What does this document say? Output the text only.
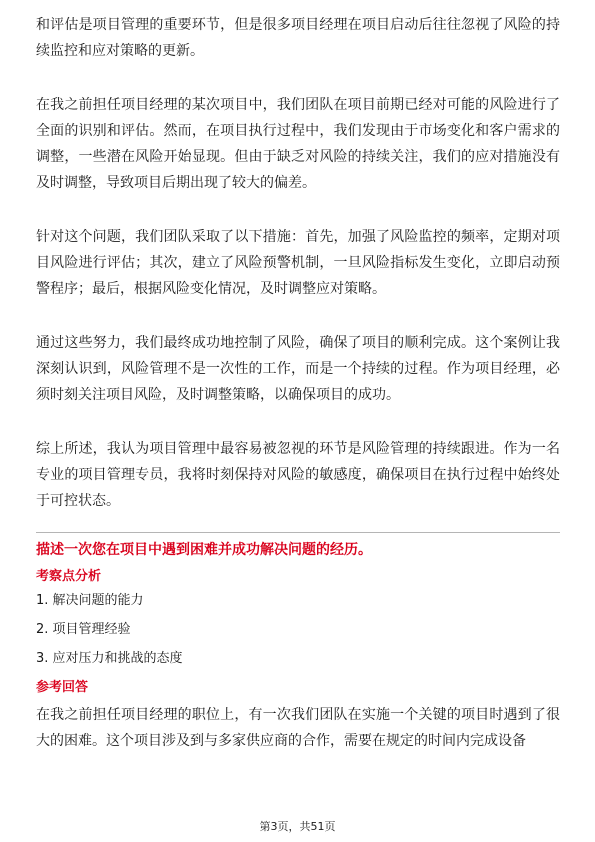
和评估是项目管理的重要环节，但是很多项目经理在项目启动后往往忽视了风险的持续监控和应对策略的更新。

在我之前担任项目经理的某次项目中，我们团队在项目前期已经对可能的风险进行了全面的识别和评估。然而，在项目执行过程中，我们发现由于市场变化和客户需求的调整，一些潜在风险开始显现。但由于缺乏对风险的持续关注，我们的应对措施没有及时调整，导致项目后期出现了较大的偏差。

针对这个问题，我们团队采取了以下措施：首先，加强了风险监控的频率，定期对项目风险进行评估；其次，建立了风险预警机制，一旦风险指标发生变化，立即启动预警程序；最后，根据风险变化情况，及时调整应对策略。

通过这些努力，我们最终成功地控制了风险，确保了项目的顺利完成。这个案例让我深刻认识到，风险管理不是一次性的工作，而是一个持续的过程。作为项目经理，必须时刻关注项目风险，及时调整策略，以确保项目的成功。

综上所述，我认为项目管理中最容易被忽视的环节是风险管理的持续跟进。作为一名专业的项目管理专员，我将时刻保持对风险的敏感度，确保项目在执行过程中始终处于可控状态。

描述一次您在项目中遇到困难并成功解决问题的经历。
考察点分析
1. 解决问题的能力
2. 项目管理经验
3. 应对压力和挑战的态度
参考回答

在我之前担任项目经理的职位上，有一次我们团队在实施一个关键的项目时遇到了很大的困难。这个项目涉及到与多家供应商的合作，需要在规定的时间内完成设备

第3页，共51页
